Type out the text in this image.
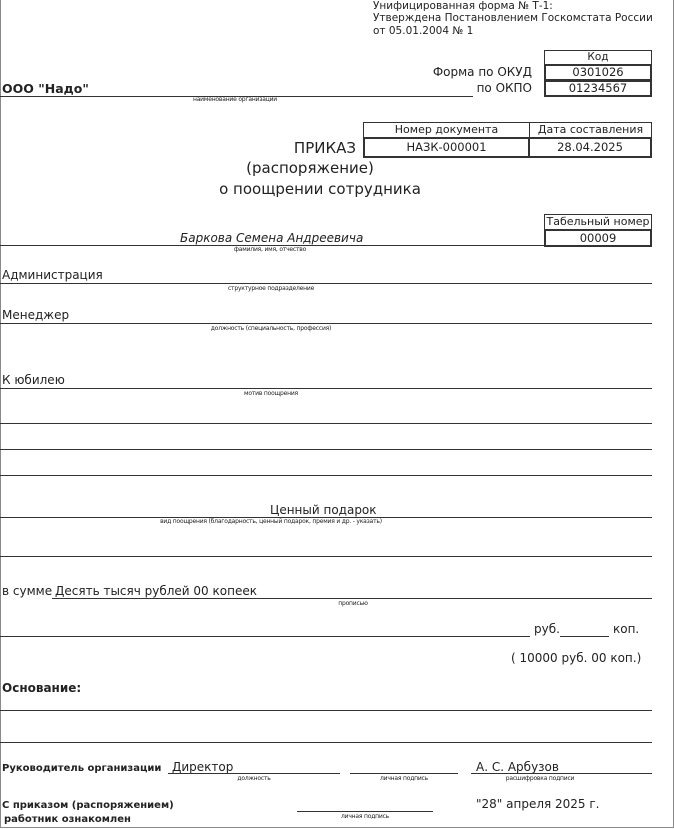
Унифицированная форма № Т-1:
Утверждена Постановлением Госкомстата России
от 05.01.2004 № 1
Код
Форма по ОКУД	0301026
по ОКПО	01234567
ООО "Надо"
наименование организации
Номер документа	Дата составления
НАЗК-000001	28.04.2025
ПРИКАЗ
(распоряжение)
о поощрении сотрудника
Табельный номер
00009
Баркова Семена Андреевича
фамилия, имя, отчество
Администрация
структурное подразделение
Менеджер
должность (специальность, профессия)
К юбилею
мотив поощрения
Ценный подарок
вид поощрения (благодарность, ценный подарок, премия и др. - указать)
в сумме Десять тысяч рублей 00 копеек
прописью
руб.	коп.
( 10000 руб. 00 коп.)
Основание:
Руководитель организации Директор
должность	личная подпись
А. С. Арбузов
расшифровка подписи
С приказом (распоряжением)
работник ознакомлен	личная подпись
"28" апреля 2025 г.
